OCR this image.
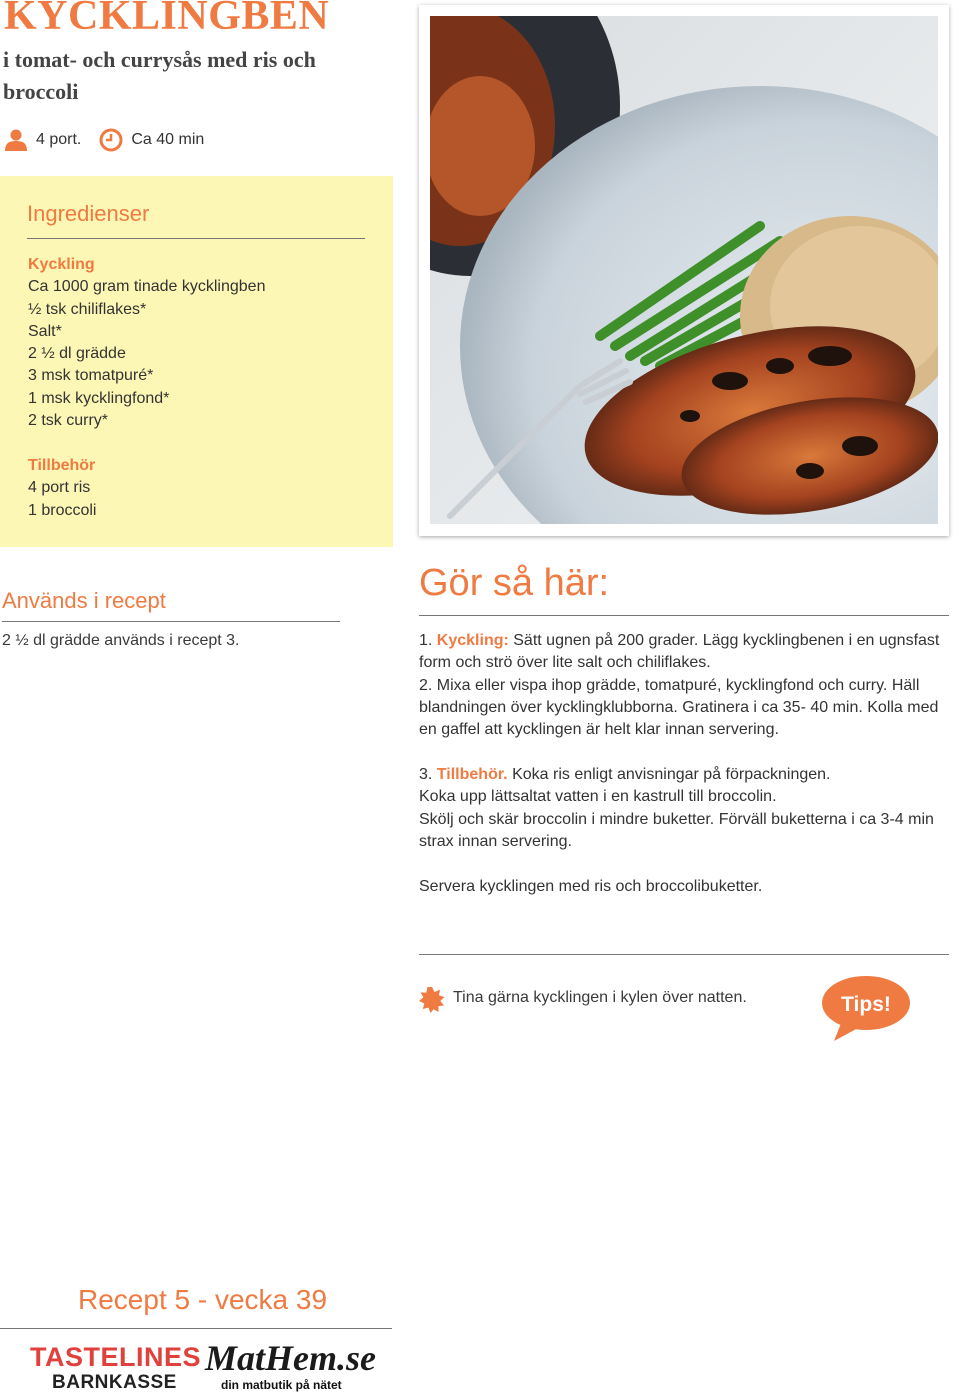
KYCKLINGBEN

i tomat- och currysås med ris och broccoli

4 port.	Ca 40 min
Ingredienser
Kyckling
Ca 1000 gram tinade kycklingben
½ tsk chiliflakes*
Salt*
2 ½ dl grädde
3 msk tomatpuré*
1 msk kycklingfond*
2 tsk curry*
Tillbehör
4 port ris
1 broccoli
Används i recept
2 ½ dl grädde används i recept 3.
Gör så här:

1. Kyckling: Sätt ugnen på 200 grader. Lägg kycklingbenen i en ugnsfast form och strö över lite salt och chiliflakes.

2. Mixa eller vispa ihop grädde, tomatpuré, kycklingfond och curry. Häll blandningen över kycklingklubborna. Gratinera i ca 35- 40 min. Kolla med en gaffel att kycklingen är helt klar innan servering.

3. Tillbehör. Koka ris enligt anvisningar på förpackningen.

Koka upp lättsaltat vatten i en kastrull till broccolin.

Skölj och skär broccolin i mindre buketter. Förväll buketterna i ca 3-4 min strax innan servering.

Servera kycklingen med ris och broccolibuketter.
Tina gärna kycklingen i kylen över natten.	Tips!
Recept 5 - vecka 39
TASTELINES
BARNKASSE
MatHem.se
din matbutik på nätet
